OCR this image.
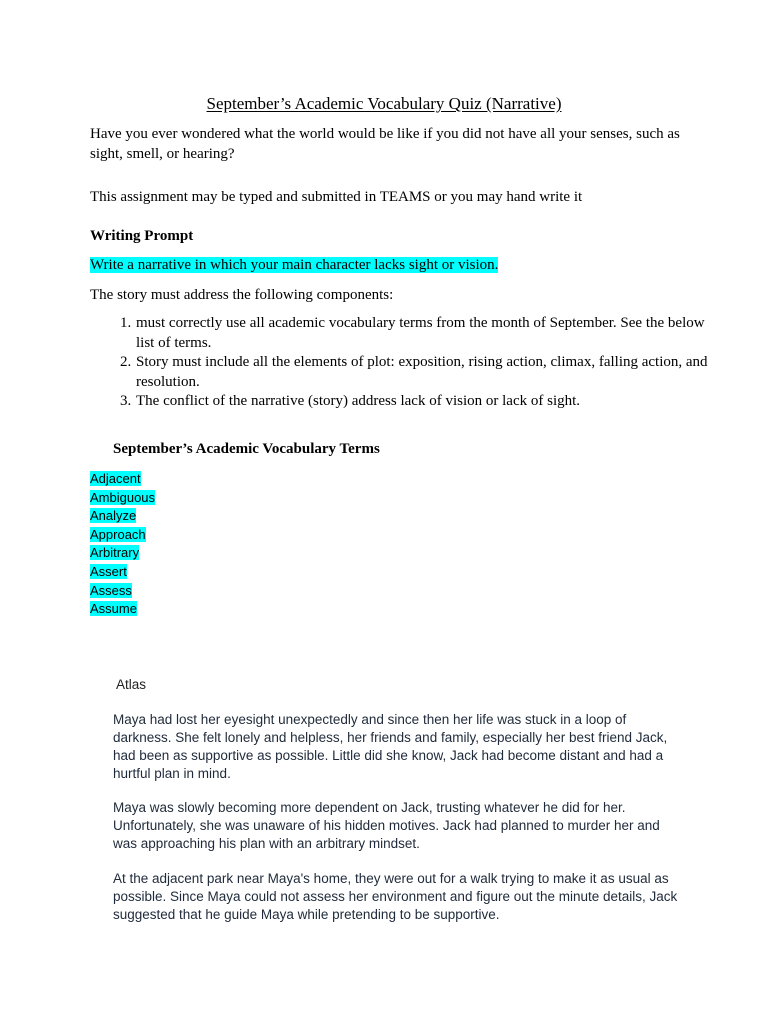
September’s Academic Vocabulary Quiz (Narrative)
Have you ever wondered what the world would be like if you did not have all your senses, such as sight, smell, or hearing?
This assignment may be typed and submitted in TEAMS or you may hand write it
Writing Prompt
Write a narrative in which your main character lacks sight or vision.
The story must address the following components:
1. must correctly use all academic vocabulary terms from the month of September. See the below list of terms.
2. Story must include all the elements of plot: exposition, rising action, climax, falling action, and resolution.
3. The conflict of the narrative (story) address lack of vision or lack of sight.
September’s Academic Vocabulary Terms
Adjacent
Ambiguous
Analyze
Approach
Arbitrary
Assert
Assess
Assume
Atlas
Maya had lost her eyesight unexpectedly and since then her life was stuck in a loop of darkness. She felt lonely and helpless, her friends and family, especially her best friend Jack, had been as supportive as possible. Little did she know, Jack had become distant and had a hurtful plan in mind.
Maya was slowly becoming more dependent on Jack, trusting whatever he did for her. Unfortunately, she was unaware of his hidden motives. Jack had planned to murder her and was approaching his plan with an arbitrary mindset.
At the adjacent park near Maya's home, they were out for a walk trying to make it as usual as possible. Since Maya could not assess her environment and figure out the minute details, Jack suggested that he guide Maya while pretending to be supportive.
